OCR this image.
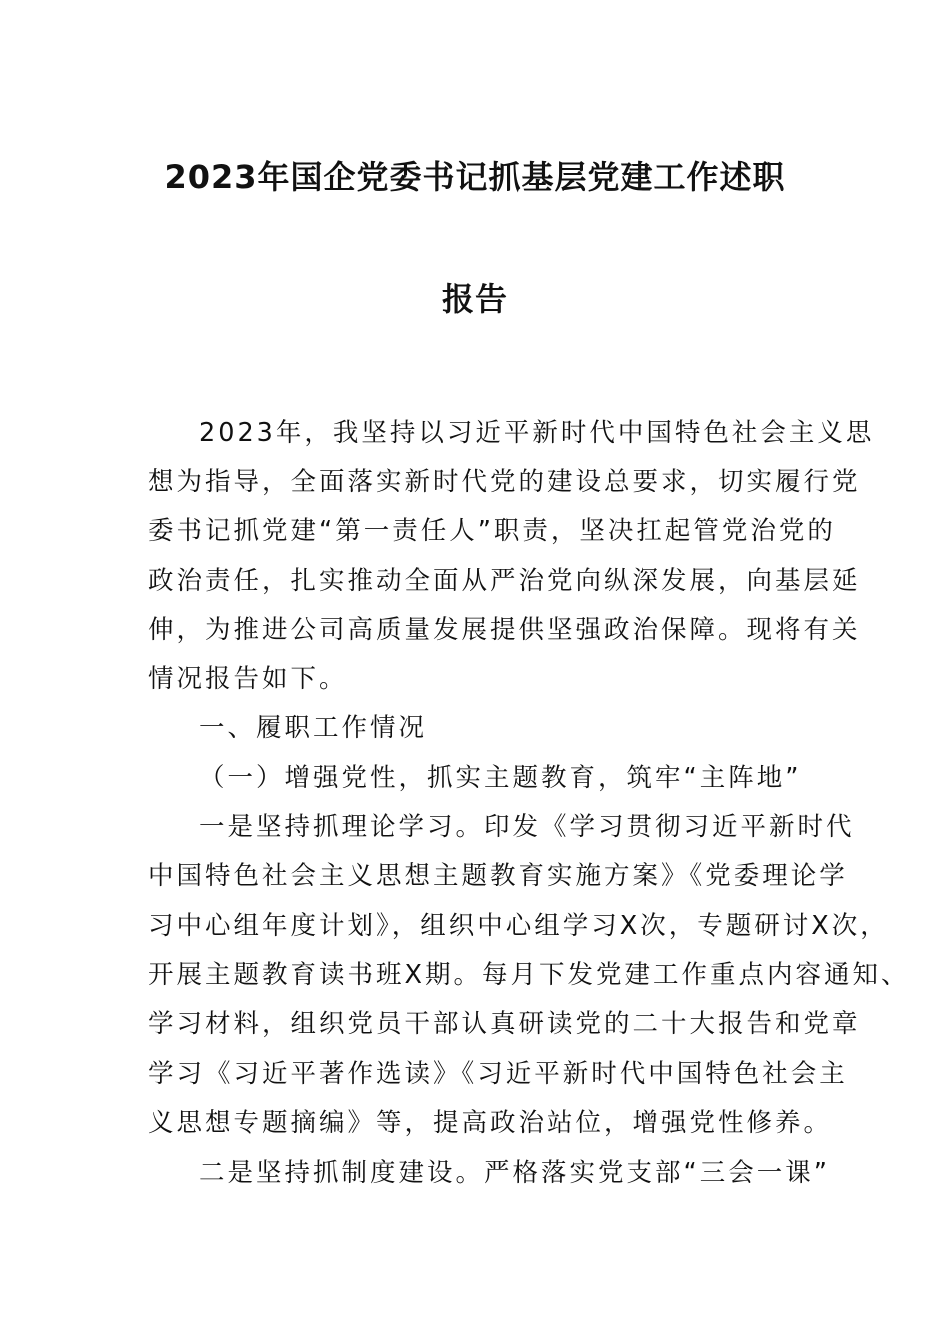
2023年国企党委书记抓基层党建工作述职
报告
2023年，我坚持以习近平新时代中国特色社会主义思
想为指导，全面落实新时代党的建设总要求，切实履行党
委书记抓党建“第一责任人”职责，坚决扛起管党治党的
政治责任，扎实推动全面从严治党向纵深发展，向基层延
伸，为推进公司高质量发展提供坚强政治保障。现将有关
情况报告如下。
一、履职工作情况
（一）增强党性，抓实主题教育，筑牢“主阵地”
一是坚持抓理论学习。印发《学习贯彻习近平新时代
中国特色社会主义思想主题教育实施方案》《党委理论学
习中心组年度计划》，组织中心组学习X次，专题研讨X次，
开展主题教育读书班X期。每月下发党建工作重点内容通知、
学习材料，组织党员干部认真研读党的二十大报告和党章
学习《习近平著作选读》《习近平新时代中国特色社会主
义思想专题摘编》等，提高政治站位，增强党性修养。
二是坚持抓制度建设。严格落实党支部“三会一课”
